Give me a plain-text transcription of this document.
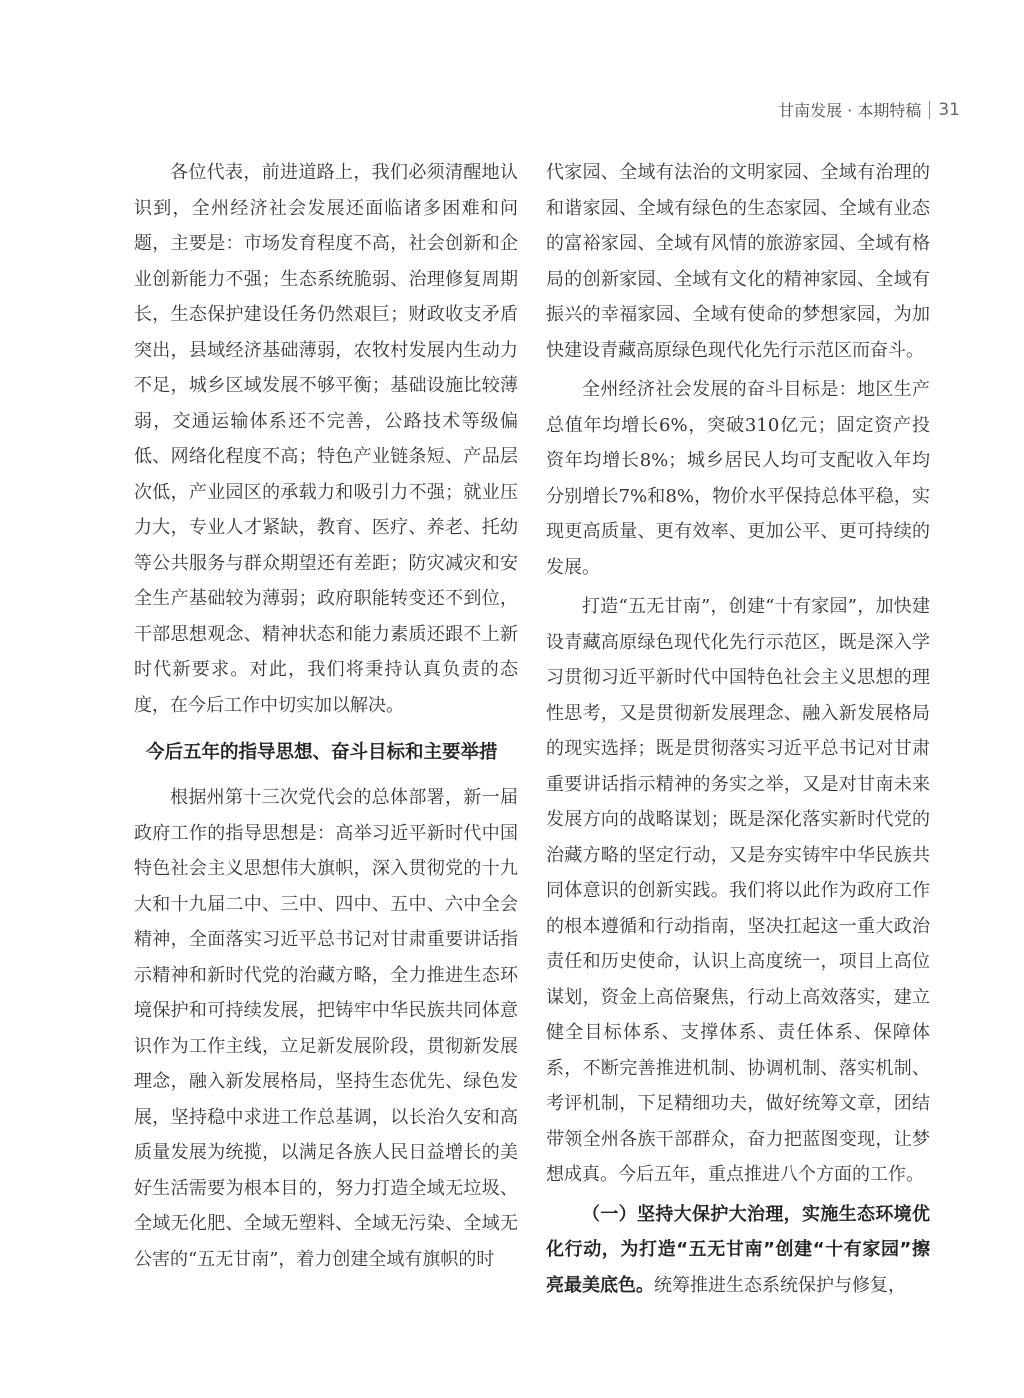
甘南发展 · 本期特稿 31

各位代表，前进道路上，我们必须清醒地认识到，全州经济社会发展还面临诸多困难和问题，主要是：市场发育程度不高，社会创新和企业创新能力不强；生态系统脆弱、治理修复周期长，生态保护建设任务仍然艰巨；财政收支矛盾突出，县域经济基础薄弱，农牧村发展内生动力不足，城乡区域发展不够平衡；基础设施比较薄弱，交通运输体系还不完善，公路技术等级偏低、网络化程度不高；特色产业链条短、产品层次低，产业园区的承载力和吸引力不强；就业压力大，专业人才紧缺，教育、医疗、养老、托幼等公共服务与群众期望还有差距；防灾减灾和安全生产基础较为薄弱；政府职能转变还不到位，干部思想观念、精神状态和能力素质还跟不上新时代新要求。对此，我们将秉持认真负责的态度，在今后工作中切实加以解决。

今后五年的指导思想、奋斗目标和主要举措

根据州第十三次党代会的总体部署，新一届政府工作的指导思想是：高举习近平新时代中国特色社会主义思想伟大旗帜，深入贯彻党的十九大和十九届二中、三中、四中、五中、六中全会精神，全面落实习近平总书记对甘肃重要讲话指示精神和新时代党的治藏方略，全力推进生态环境保护和可持续发展，把铸牢中华民族共同体意识作为工作主线，立足新发展阶段，贯彻新发展理念，融入新发展格局，坚持生态优先、绿色发展，坚持稳中求进工作总基调，以长治久安和高质量发展为统揽，以满足各族人民日益增长的美好生活需要为根本目的，努力打造全域无垃圾、全域无化肥、全域无塑料、全域无污染、全域无公害的“五无甘南”，着力创建全域有旗帜的时

代家园、全域有法治的文明家园、全域有治理的和谐家园、全域有绿色的生态家园、全域有业态的富裕家园、全域有风情的旅游家园、全域有格局的创新家园、全域有文化的精神家园、全域有振兴的幸福家园、全域有使命的梦想家园，为加快建设青藏高原绿色现代化先行示范区而奋斗。

全州经济社会发展的奋斗目标是：地区生产总值年均增长6%，突破310亿元；固定资产投资年均增长8%；城乡居民人均可支配收入年均分别增长7%和8%，物价水平保持总体平稳，实现更高质量、更有效率、更加公平、更可持续的发展。

打造“五无甘南”，创建“十有家园”，加快建设青藏高原绿色现代化先行示范区，既是深入学习贯彻习近平新时代中国特色社会主义思想的理性思考，又是贯彻新发展理念、融入新发展格局的现实选择；既是贯彻落实习近平总书记对甘肃重要讲话指示精神的务实之举，又是对甘南未来发展方向的战略谋划；既是深化落实新时代党的治藏方略的坚定行动，又是夯实铸牢中华民族共同体意识的创新实践。我们将以此作为政府工作的根本遵循和行动指南，坚决扛起这一重大政治责任和历史使命，认识上高度统一，项目上高位谋划，资金上高倍聚焦，行动上高效落实，建立健全目标体系、支撑体系、责任体系、保障体系，不断完善推进机制、协调机制、落实机制、考评机制，下足精细功夫，做好统筹文章，团结带领全州各族干部群众，奋力把蓝图变现，让梦想成真。今后五年，重点推进八个方面的工作。

（一）坚持大保护大治理，实施生态环境优化行动，为打造“五无甘南”创建“十有家园”擦亮最美底色。统筹推进生态系统保护与修复，
